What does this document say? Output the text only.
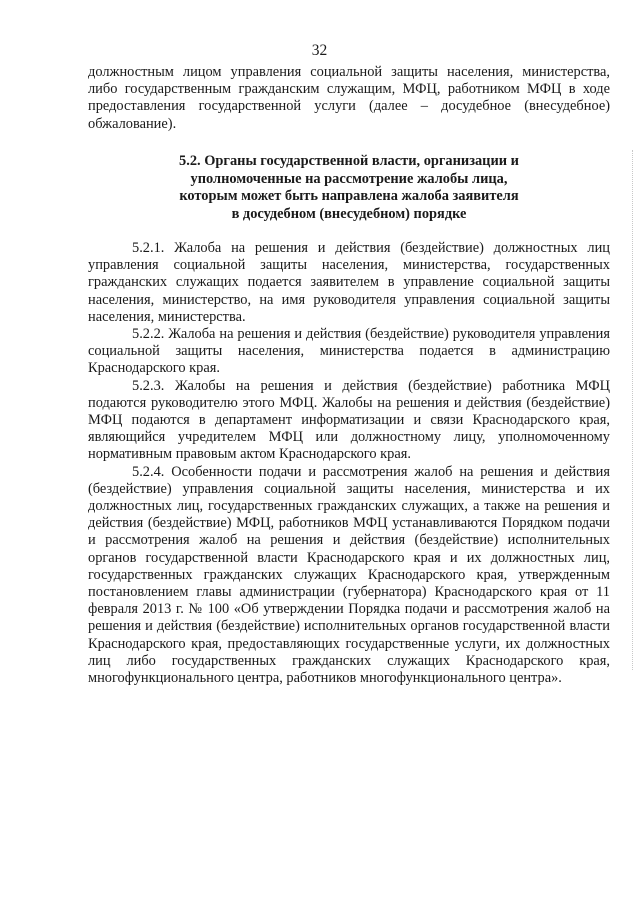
32
должностным лицом управления социальной защиты населения, министерства, либо государственным гражданским служащим, МФЦ, работником МФЦ в ходе предоставления государственной услуги (далее – досудебное (внесудебное) обжалование).
5.2. Органы государственной власти, организации и
уполномоченные на рассмотрение жалобы лица,
которым может быть направлена жалоба заявителя
в досудебном (внесудебном) порядке

5.2.1. Жалоба на решения и действия (бездействие) должностных лиц управления социальной защиты населения, министерства, государственных гражданских служащих подается заявителем в управление социальной защиты населения, министерство, на имя руководителя управления социальной защиты населения, министерства.

5.2.2. Жалоба на решения и действия (бездействие) руководителя управления социальной защиты населения, министерства подается в администрацию Краснодарского края.

5.2.3. Жалобы на решения и действия (бездействие) работника МФЦ подаются руководителю этого МФЦ. Жалобы на решения и действия (бездействие) МФЦ подаются в департамент информатизации и связи Краснодарского края, являющийся учредителем МФЦ или должностному лицу, уполномоченному нормативным правовым актом Краснодарского края.

5.2.4. Особенности подачи и рассмотрения жалоб на решения и действия (бездействие) управления социальной защиты населения, министерства и их должностных лиц, государственных гражданских служащих, а также на решения и действия (бездействие) МФЦ, работников МФЦ устанавливаются Порядком подачи и рассмотрения жалоб на решения и действия (бездействие) исполнительных органов государственной власти Краснодарского края и их должностных лиц, государственных гражданских служащих Краснодарского края, утвержденным постановлением главы администрации (губернатора) Краснодарского края от 11 февраля 2013 г. № 100 «Об утверждении Порядка подачи и рассмотрения жалоб на решения и действия (бездействие) исполнительных органов государственной власти Краснодарского края, предоставляющих государственные услуги, их должностных лиц либо государственных гражданских служащих Краснодарского края, многофункционального центра, работников многофункционального центра».
